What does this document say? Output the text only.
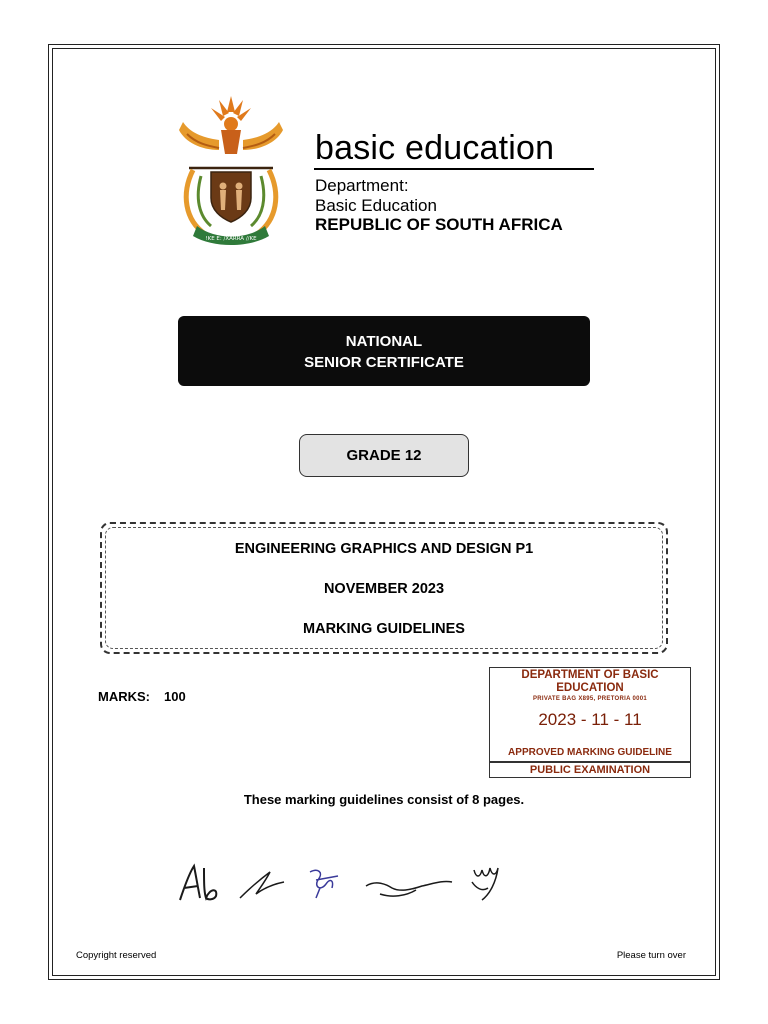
!KE E: /XARRA //KE
basic education
Department:
Basic Education
REPUBLIC OF SOUTH AFRICA
NATIONAL
SENIOR CERTIFICATE
GRADE 12
ENGINEERING GRAPHICS AND DESIGN P1
NOVEMBER 2023
MARKING GUIDELINES
MARKS: 100
DEPARTMENT OF BASIC EDUCATION
PRIVATE BAG X895, PRETORIA 0001
2023 - 11 - 11
APPROVED MARKING GUIDELINE
PUBLIC EXAMINATION
These marking guidelines consist of 8 pages.
Copyright reserved	Please turn over
